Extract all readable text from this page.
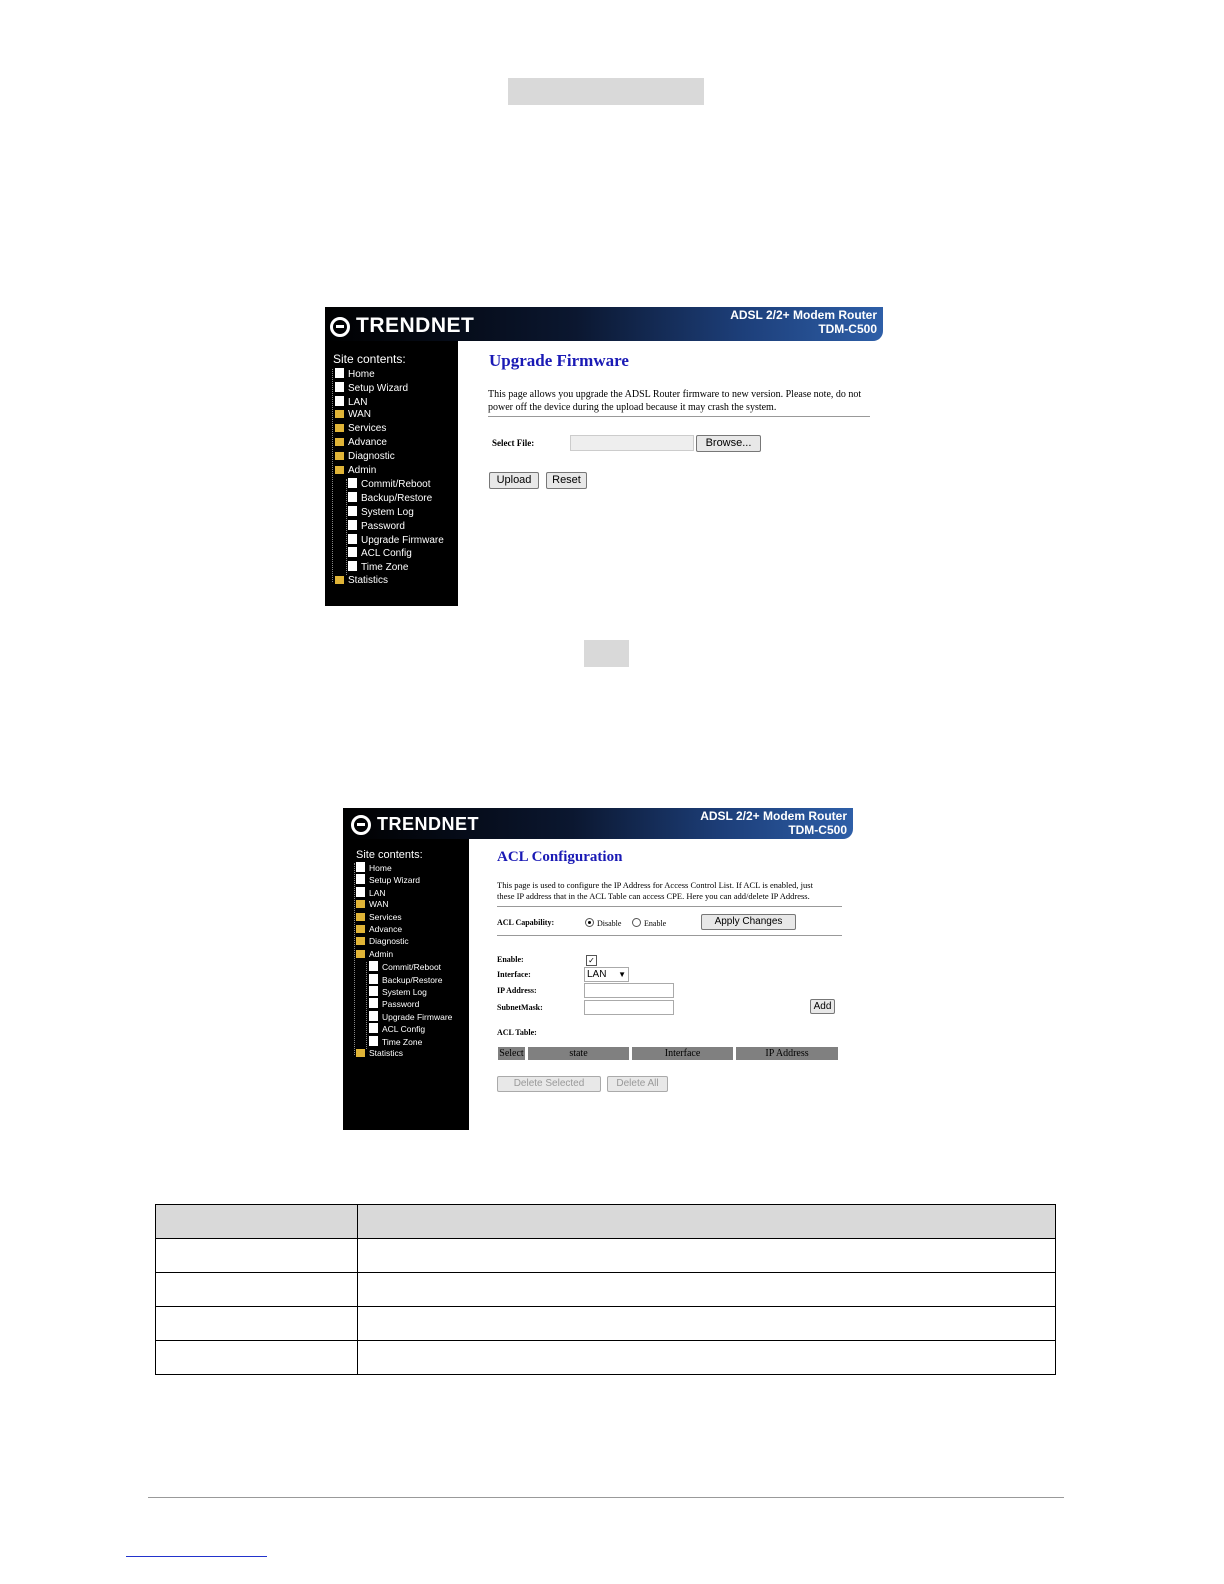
TRENDNET	ADSL 2/2+ Modem Router
TDM-C500
Site contents:
Home
Setup Wizard
LAN
WAN
Services
Advance
Diagnostic
Admin
Commit/Reboot
Backup/Restore
System Log
Password
Upgrade Firmware
ACL Config
Time Zone
Statistics
Upgrade Firmware
This page allows you upgrade the ADSL Router firmware to new version. Please note, do not
power off the device during the upload because it may crash the system.
Select File:	Browse...
Upload	Reset
TRENDNET	ADSL 2/2+ Modem Router
TDM-C500
Site contents:
Home
Setup Wizard
LAN
WAN
Services
Advance
Diagnostic
Admin
Commit/Reboot
Backup/Restore
System Log
Password
Upgrade Firmware
ACL Config
Time Zone
Statistics
ACL Configuration
This page is used to configure the IP Address for Access Control List. If ACL is enabled, just
these IP address that in the ACL Table can access CPE. Here you can add/delete IP Address.
ACL Capability:	Disable	Enable	Apply Changes
Enable:	✓
Interface:	LAN ▼
IP Address:
SubnetMask:	Add
ACL Table:
Select	state	Interface	IP Address
Delete Selected	Delete All
